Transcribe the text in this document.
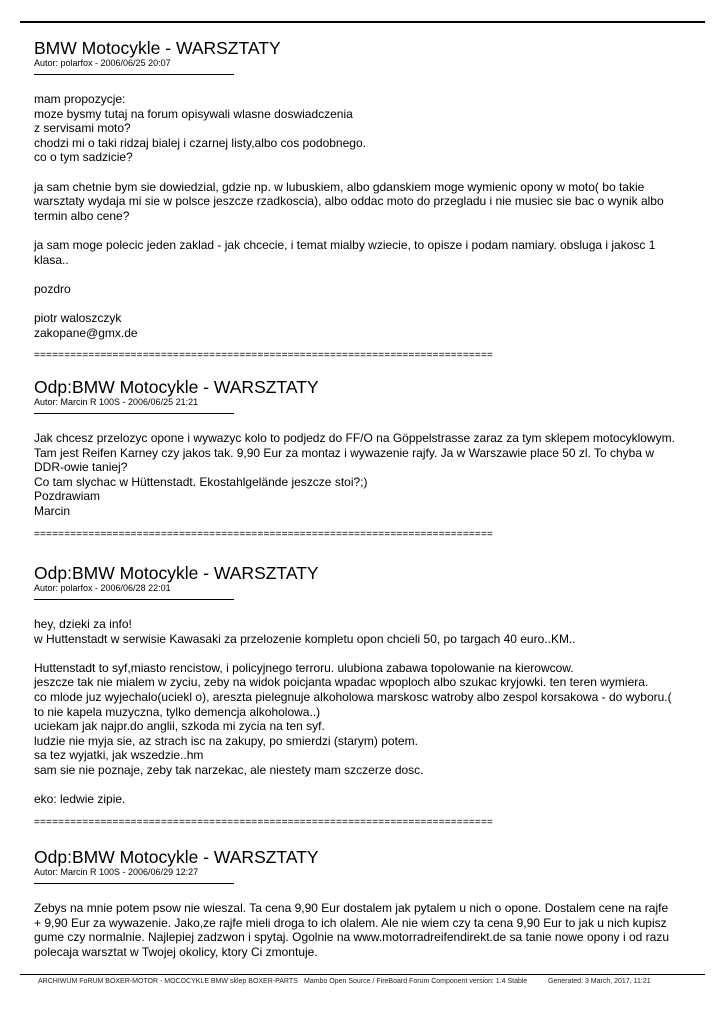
BMW Motocykle - WARSZTATY
Autor: polarfox - 2006/06/25 20:07
mam propozycje:
moze bysmy tutaj na forum opisywali wlasne doswiadczenia
z servisami moto?
chodzi mi o taki ridzaj bialej i czarnej listy,albo cos podobnego.
co o tym sadzicie?
ja sam chetnie bym sie dowiedzial, gdzie np. w lubuskiem, albo gdanskiem moge wymienic opony w moto( bo takie
warsztaty wydaja mi sie w polsce jeszcze rzadkoscia), albo oddac moto do przegladu i nie musiec sie bac o wynik albo
termin albo cene?
ja sam moge polecic jeden zaklad - jak chcecie, i temat mialby wziecie, to opisze i podam namiary. obsluga i jakosc 1
klasa..
pozdro
piotr waloszczyk
zakopane@gmx.de
============================================================================
Odp:BMW Motocykle - WARSZTATY
Autor: Marcin R 100S - 2006/06/25 21:21
Jak chcesz przelozyc opone i wywazyc kolo to podjedz do FF/O na Göppelstrasse zaraz za tym sklepem motocyklowym.
Tam jest Reifen Karney czy jakos tak. 9,90 Eur za montaz i wywazenie rajfy. Ja w Warszawie place 50 zl. To chyba w
DDR-owie taniej?
Co tam slychac w Hüttenstadt. Ekostahlgelände jeszcze stoi?;)
Pozdrawiam
Marcin
============================================================================
Odp:BMW Motocykle - WARSZTATY
Autor: polarfox - 2006/06/28 22:01
hey, dzieki za info!
w Huttenstadt w serwisie Kawasaki za przelozenie kompletu opon chcieli 50, po targach 40 euro..KM..
Huttenstadt to syf,miasto rencistow, i policyjnego terroru. ulubiona zabawa topolowanie na kierowcow.
jeszcze tak nie mialem w zyciu, zeby na widok poicjanta wpadac wpoploch albo szukac kryjowki. ten teren wymiera.
co mlode juz wyjechalo(uciekl o), areszta pielegnuje alkoholowa marskosc watroby albo zespol korsakowa - do wyboru.(
to nie kapela muzyczna, tylko demencja alkoholowa..)
uciekam jak najpr.do anglii, szkoda mi zycia na ten syf.
ludzie nie myja sie, az strach isc na zakupy, po smierdzi (starym) potem.
sa tez wyjatki, jak wszedzie..hm
sam sie nie poznaje, zeby tak narzekac, ale niestety mam szczerze dosc.
eko: ledwie zipie.
============================================================================
Odp:BMW Motocykle - WARSZTATY
Autor: Marcin R 100S - 2006/06/29 12:27
Zebys na mnie potem psow nie wieszal. Ta cena 9,90 Eur dostalem jak pytalem u nich o opone. Dostalem cene na rajfe
+ 9,90 Eur za wywazenie. Jako,ze rajfe mieli droga to ich olalem. Ale nie wiem czy ta cena 9,90 Eur to jak u nich kupisz
gume czy normalnie. Najlepiej zadzwon i spytaj. Ogolnie na www.motorradreifendirekt.de sa tanie nowe opony i od razu
polecaja warsztat w Twojej okolicy, ktory Ci zmontuje.
ARCHIWUM FoRUM BOXER-MOTOR - MOCOCYKLE BMW sklep BOXER-PARTS Mambo Open Source / FireBoard Forum Component version: 1.4 Stable	Generated: 3 March, 2017, 11:21
